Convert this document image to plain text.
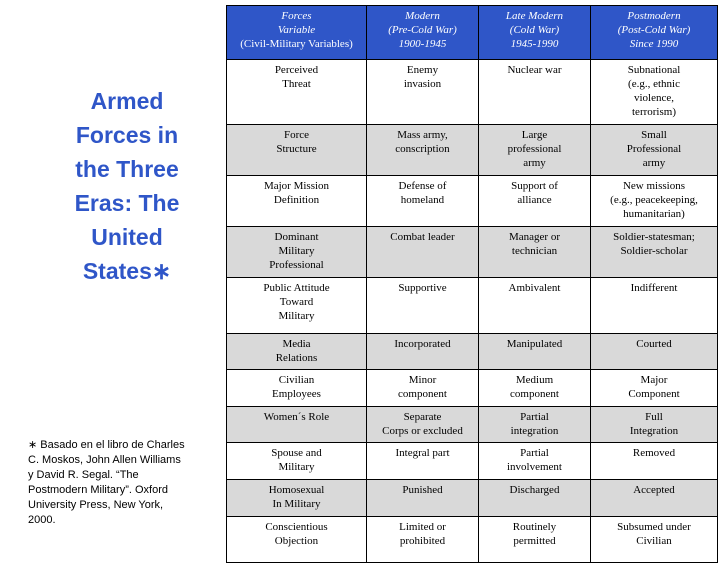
Armed
Forces in
the Three
Eras: The
United
States∗
∗ Basado en el libro de Charles
C. Moskos, John Allen Williams
y David R. Segal. “The
Postmodern Military”. Oxford
University Press, New York,
2000.
Forces
Variable
(Civil-Military Variables)	Modern
(Pre-Cold War)
1900-1945	Late Modern
(Cold War)
1945-1990	Postmodern
(Post-Cold War)
Since 1990

Perceived
Threat	Enemy
invasion	Nuclear war	Subnational
(e.g., ethnic
violence,
terrorism)

Force
Structure	Mass army,
conscription	Large
professional
army	Small
Professional
army

Major Mission
Definition	Defense of
homeland	Support of
alliance	New missions
(e.g., peacekeeping,
humanitarian)

Dominant
Military
Professional	Combat leader	Manager or
technician	Soldier-statesman;
Soldier-scholar

Public Attitude
Toward
Military	Supportive	Ambivalent	Indifferent

Media
Relations	Incorporated	Manipulated	Courted

Civilian
Employees	Minor
component	Medium
component	Major
Component

Women´s Role	Separate
Corps or excluded	Partial
integration	Full
Integration

Spouse and
Military	Integral part	Partial
involvement	Removed

Homosexual
In Military	Punished	Discharged	Accepted

Conscientious
Objection	Limited or
prohibited	Routinely
permitted	Subsumed under
Civilian
